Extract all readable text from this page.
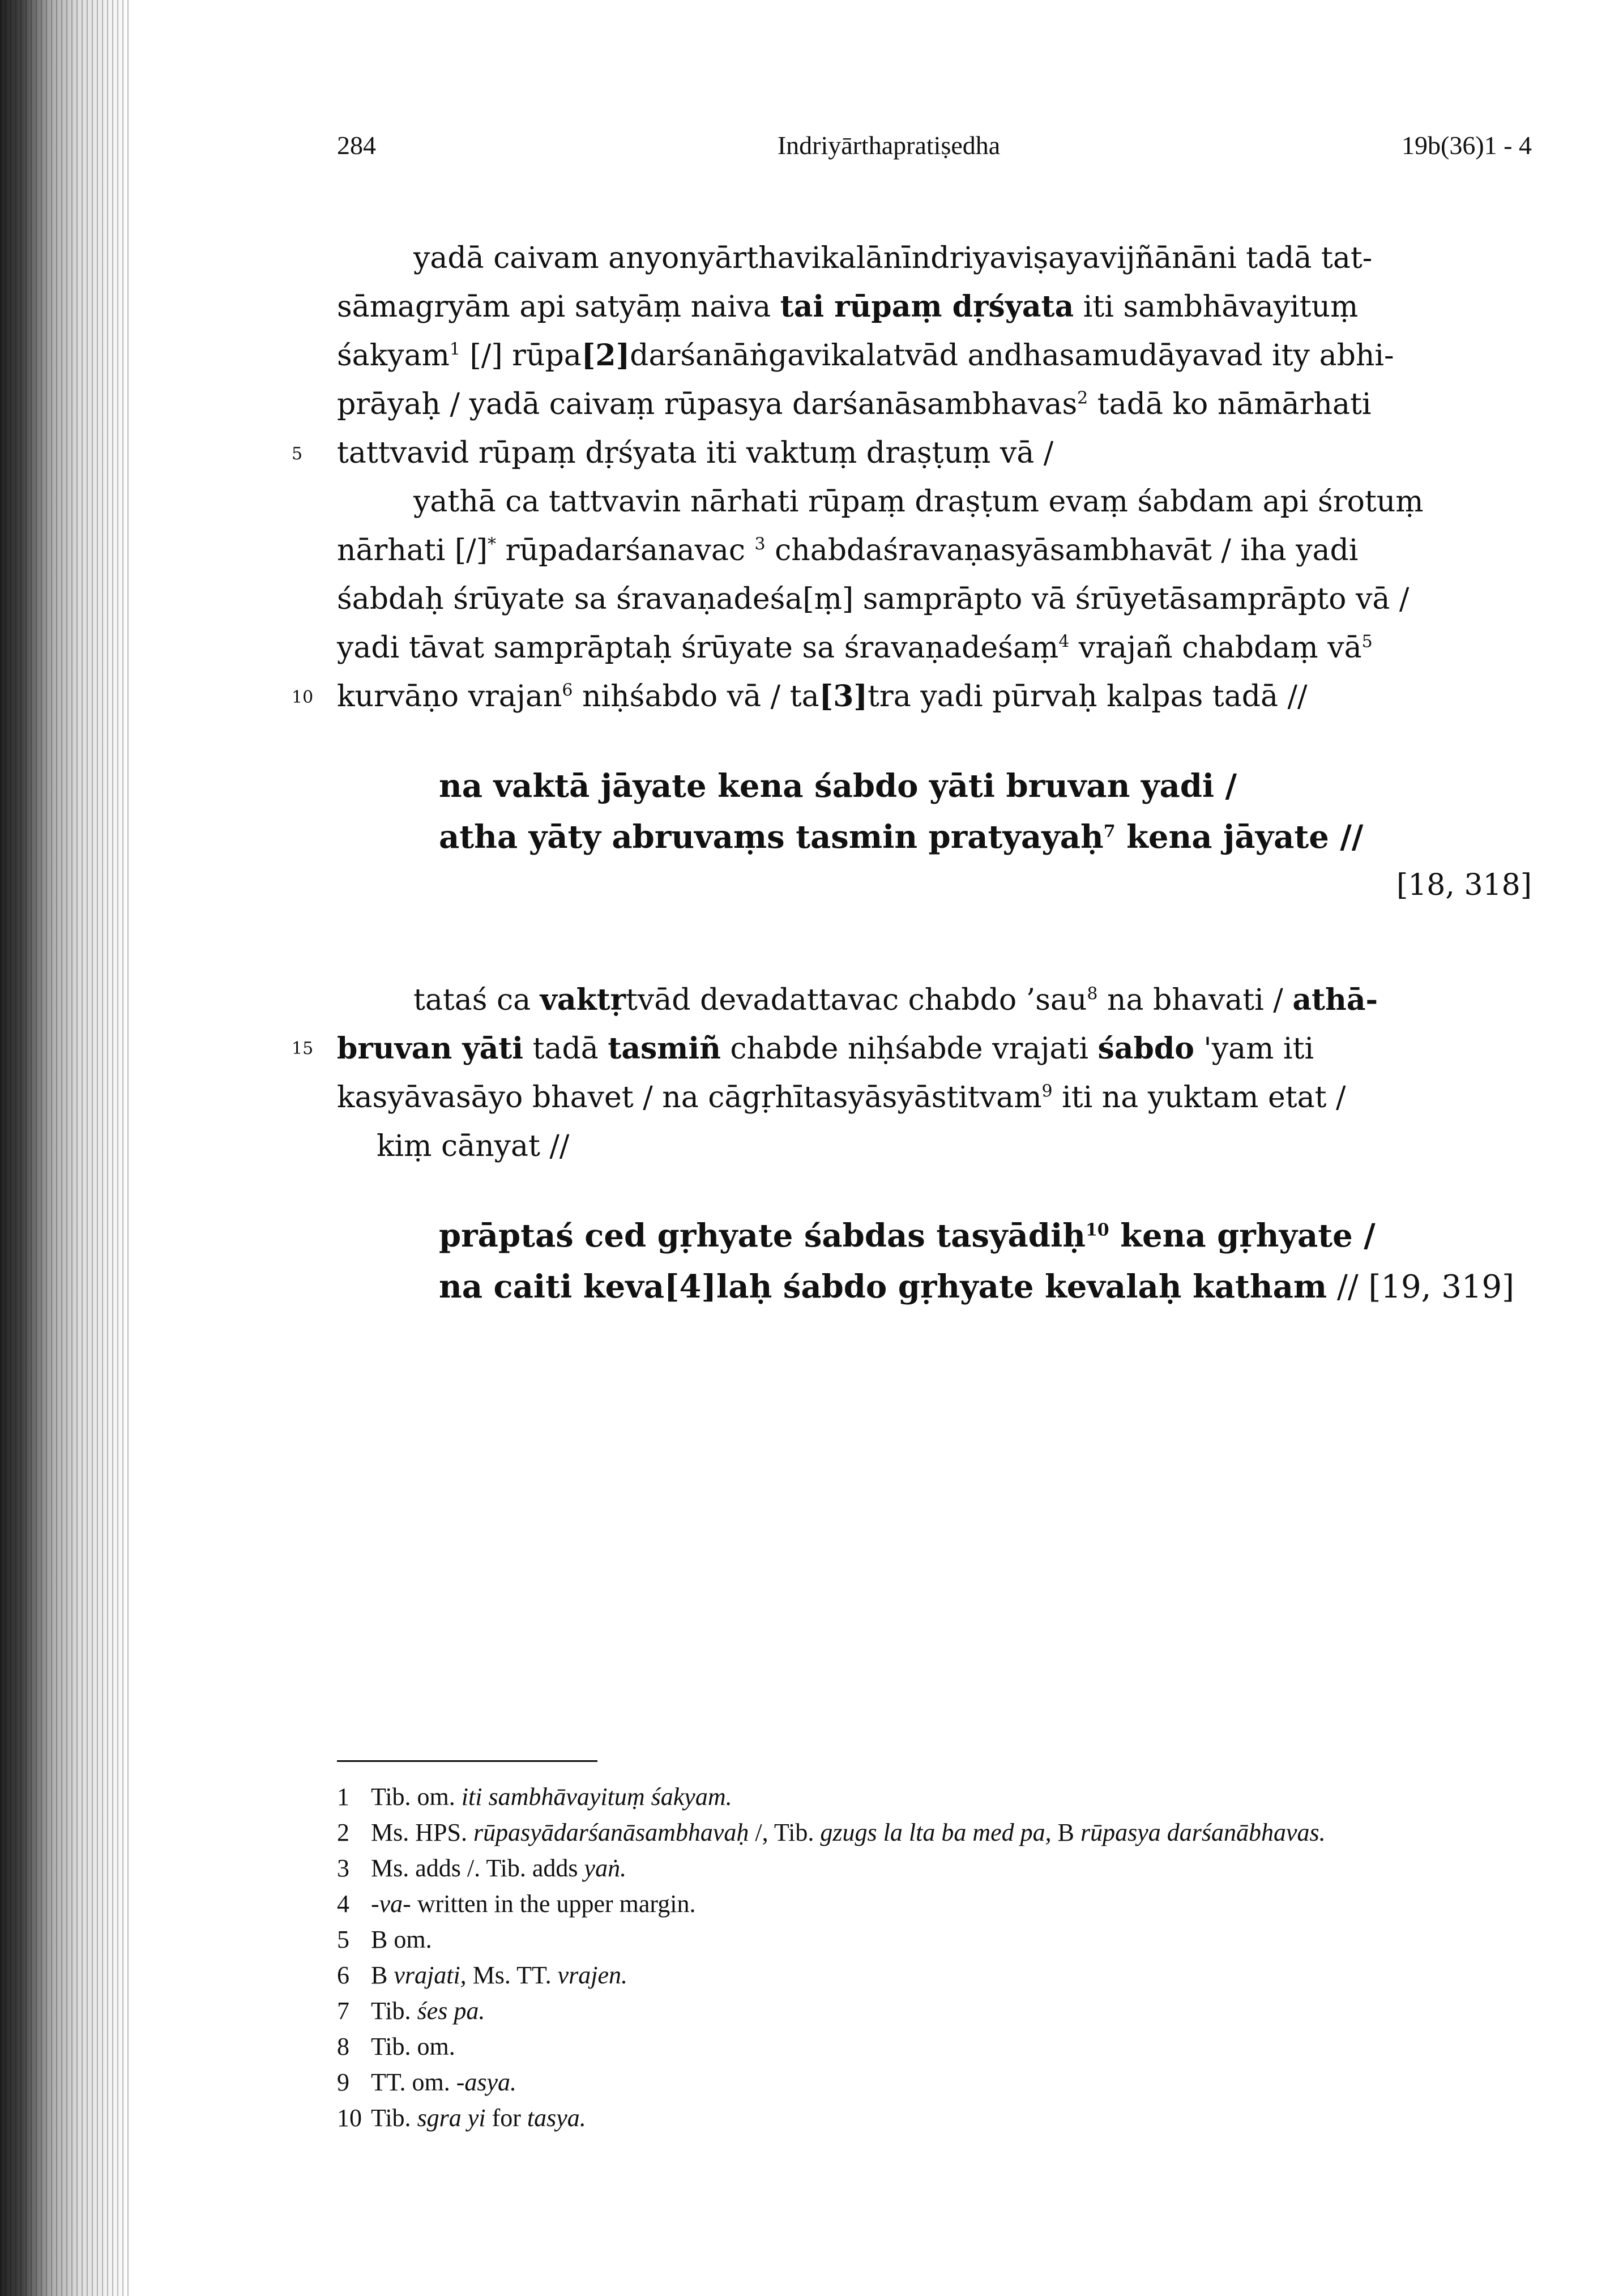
284	Indriyārthapratiṣedha	19b(36)1 - 4
5

yadā caivam anyonyārthavikalānīndriyaviṣayavijñānāni tadā tat-

sāmagryām api satyāṃ naiva tai rūpaṃ dṛśyata iti sambhāvayituṃ

śakyam$^1$ [/] rūpa[2]darśanāṅgavikalatvād andhasamudāyavad ity abhi-

prāyaḥ / yadā caivaṃ rūpasya darśanāsambhavas$^2$ tadā ko nāmārhati

tattvavid rūpaṃ dṛśyata iti vaktuṃ draṣṭuṃ vā /

10

yathā ca tattvavin nārhati rūpaṃ draṣṭum evaṃ śabdam api śrotuṃ

nārhati [/]* rūpadarśanavac $^3$ chabdaśravaṇasyāsambhavāt / iha yadi

śabdaḥ śrūyate sa śravaṇadeśa[ṃ] samprāpto vā śrūyetāsamprāpto vā /

yadi tāvat samprāptaḥ śrūyate sa śravaṇadeśaṃ$^4$ vrajañ chabdaṃ $vā^5$

kurvāṇo vrajan$^6$ niḥśabdo vā / ta[3]tra yadi pūrvaḥ kalpas tadā //

na vaktā jāyate kena śabdo yāti bruvan yadi /
atha yāty abruvaṃs tasmin pratyayaḥ$^7$ kena jāyate //
[18, 318]
15

tataś ca vaktṛtvād devadattavac chabdo ’sau$^8$ na bhavati / athā-

bruvan yāti tadā tasmiñ chabde niḥśabde vrajati śabdo 'yam iti

kasyāvasāyo bhavet / na cāgṛhītasyāsyāstitvam$^9$ iti na yuktam etat /

kiṃ cānyat //

prāptaś ced gṛhyate śabdas tasyādiḥ$^{10}$ kena gṛhyate /
na caiti keva[4]laḥ śabdo gṛhyate kevalaḥ katham // [19, 319]
1 Tib. om. iti sambhāvayituṃ śakyam.
2 Ms. HPS. rūpasyādarśanāsambhavaḥ /, Tib. gzugs la lta ba med pa, B rūpasya darśanābhavas.
3 Ms. adds /. Tib. adds yaṅ.
4 -va- written in the upper margin.
5 B om.
6 B vrajati, Ms. TT. vrajen.
7 Tib. śes pa.
8 Tib. om.
9 TT. om. -asya.
10 Tib. sgra yi for tasya.
